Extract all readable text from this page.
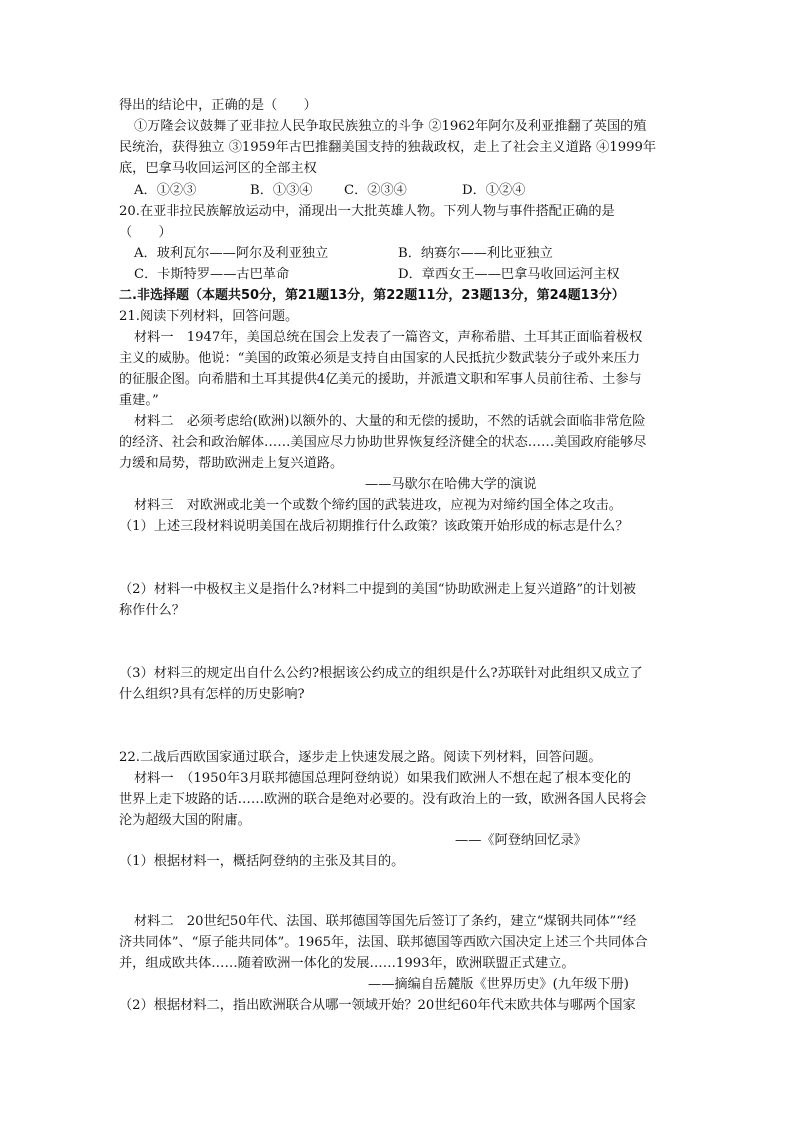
得出的结论中，正确的是（　　）
①万隆会议鼓舞了亚非拉人民争取民族独立的斗争 ②1962年阿尔及利亚推翻了英国的殖
民统治，获得独立 ③1959年古巴推翻美国支持的独裁政权，走上了社会主义道路 ④1999年
底，巴拿马收回运河区的全部主权
A．①②③	B．①③④ C．②③④	D．①②④
20.在亚非拉民族解放运动中，涌现出一大批英雄人物。下列人物与事件搭配正确的是
（　　）
A．玻利瓦尔——阿尔及利亚独立	B．纳赛尔——利比亚独立
C．卡斯特罗——古巴革命	D．章西女王——巴拿马收回运河主权
二.非选择题（本题共50分，第21题13分，第22题11分，23题13分，第24题13分）
21.阅读下列材料，回答问题。
材料一　1947年，美国总统在国会上发表了一篇咨文，声称希腊、土耳其正面临着极权
主义的威胁。他说：“美国的政策必须是支持自由国家的人民抵抗少数武装分子或外来压力
的征服企图。向希腊和土耳其提供4亿美元的援助，并派遣文职和军事人员前往希、土参与
重建。”
材料二　必须考虑给(欧洲)以额外的、大量的和无偿的援助，不然的话就会面临非常危险
的经济、社会和政治解体……美国应尽力协助世界恢复经济健全的状态……美国政府能够尽
力缓和局势，帮助欧洲走上复兴道路。
——马歇尔在哈佛大学的演说
材料三　对欧洲或北美一个或数个缔约国的武装进攻，应视为对缔约国全体之攻击。
（1）上述三段材料说明美国在战后初期推行什么政策？该政策开始形成的标志是什么？
（2）材料一中极权主义是指什么?材料二中提到的美国“协助欧洲走上复兴道路”的计划被
称作什么？
（3）材料三的规定出自什么公约?根据该公约成立的组织是什么?苏联针对此组织又成立了
什么组织?具有怎样的历史影响?
22.二战后西欧国家通过联合，逐步走上快速发展之路。阅读下列材料，回答问题。
材料一　（1950年3月联邦德国总理阿登纳说）如果我们欧洲人不想在起了根本变化的
世界上走下坡路的话……欧洲的联合是绝对必要的。没有政治上的一致，欧洲各国人民将会
沦为超级大国的附庸。
——《阿登纳回忆录》
（1）根据材料一，概括阿登纳的主张及其目的。
材料二　20世纪50年代、法国、联邦德国等国先后签订了条约，建立“煤钢共同体”“经
济共同体”、“原子能共同体”。1965年，法国、联邦德国等西欧六国决定上述三个共同体合
并，组成欧共体……随着欧洲一体化的发展……1993年，欧洲联盟正式建立。
——摘编自岳麓版《世界历史》(九年级下册)
（2）根据材料二，指出欧洲联合从哪一领域开始？20世纪60年代末欧共体与哪两个国家
